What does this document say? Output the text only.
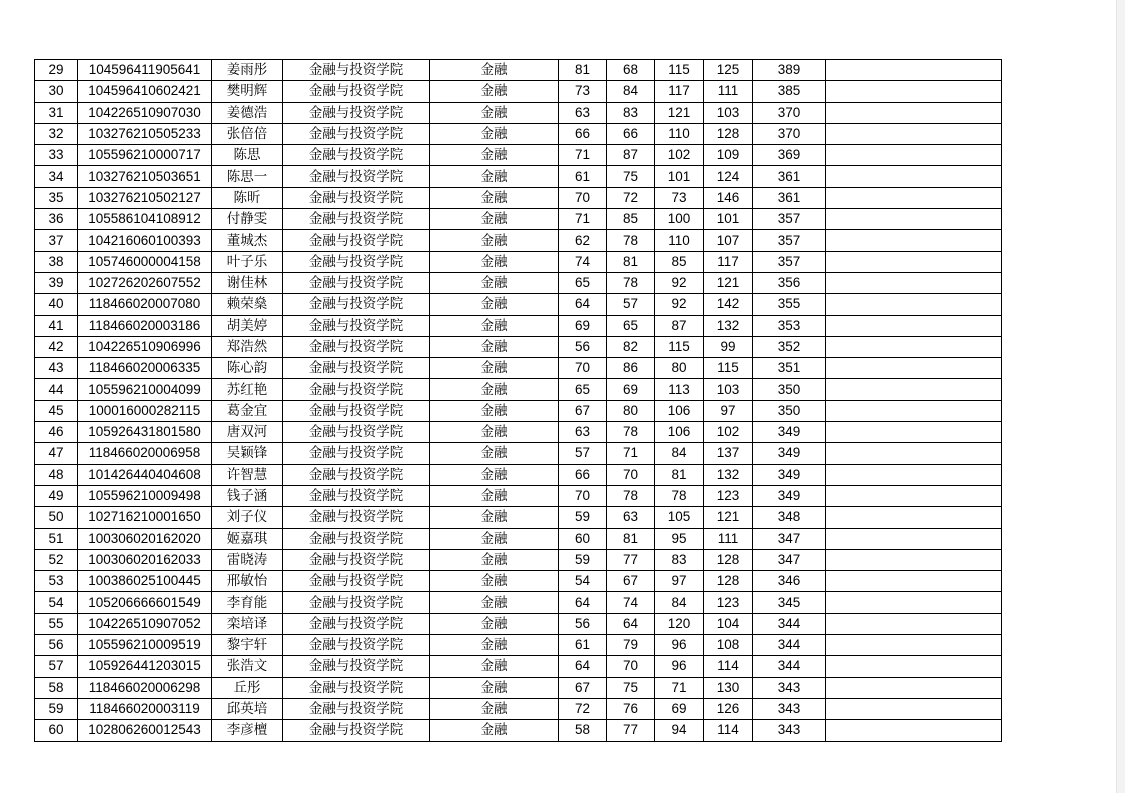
29	104596411905641	姜雨彤	金融与投资学院	金融	81	68	115	125	389	
30	104596410602421	樊明辉	金融与投资学院	金融	73	84	117	111	385	
31	104226510907030	姜德浩	金融与投资学院	金融	63	83	121	103	370	
32	103276210505233	张倍倍	金融与投资学院	金融	66	66	110	128	370	
33	105596210000717	陈思	金融与投资学院	金融	71	87	102	109	369	
34	103276210503651	陈思一	金融与投资学院	金融	61	75	101	124	361	
35	103276210502127	陈昕	金融与投资学院	金融	70	72	73	146	361	
36	105586104108912	付静雯	金融与投资学院	金融	71	85	100	101	357	
37	104216060100393	董城杰	金融与投资学院	金融	62	78	110	107	357	
38	105746000004158	叶子乐	金融与投资学院	金融	74	81	85	117	357	
39	102726202607552	谢佳林	金融与投资学院	金融	65	78	92	121	356	
40	118466020007080	赖荣燊	金融与投资学院	金融	64	57	92	142	355	
41	118466020003186	胡美婷	金融与投资学院	金融	69	65	87	132	353	
42	104226510906996	郑浩然	金融与投资学院	金融	56	82	115	99	352	
43	118466020006335	陈心韵	金融与投资学院	金融	70	86	80	115	351	
44	105596210004099	苏红艳	金融与投资学院	金融	65	69	113	103	350	
45	100016000282115	葛金宜	金融与投资学院	金融	67	80	106	97	350	
46	105926431801580	唐双河	金融与投资学院	金融	63	78	106	102	349	
47	118466020006958	吴颖锋	金融与投资学院	金融	57	71	84	137	349	
48	101426440404608	许智慧	金融与投资学院	金融	66	70	81	132	349	
49	105596210009498	钱子涵	金融与投资学院	金融	70	78	78	123	349	
50	102716210001650	刘子仪	金融与投资学院	金融	59	63	105	121	348	
51	100306020162020	姬嘉琪	金融与投资学院	金融	60	81	95	111	347	
52	100306020162033	雷晓涛	金融与投资学院	金融	59	77	83	128	347	
53	100386025100445	邢敏怡	金融与投资学院	金融	54	67	97	128	346	
54	105206666601549	李育能	金融与投资学院	金融	64	74	84	123	345	
55	104226510907052	栾培译	金融与投资学院	金融	56	64	120	104	344	
56	105596210009519	黎宇轩	金融与投资学院	金融	61	79	96	108	344	
57	105926441203015	张浩文	金融与投资学院	金融	64	70	96	114	344	
58	118466020006298	丘彤	金融与投资学院	金融	67	75	71	130	343	
59	118466020003119	邱英培	金融与投资学院	金融	72	76	69	126	343	
60	102806260012543	李彦檀	金融与投资学院	金融	58	77	94	114	343	
